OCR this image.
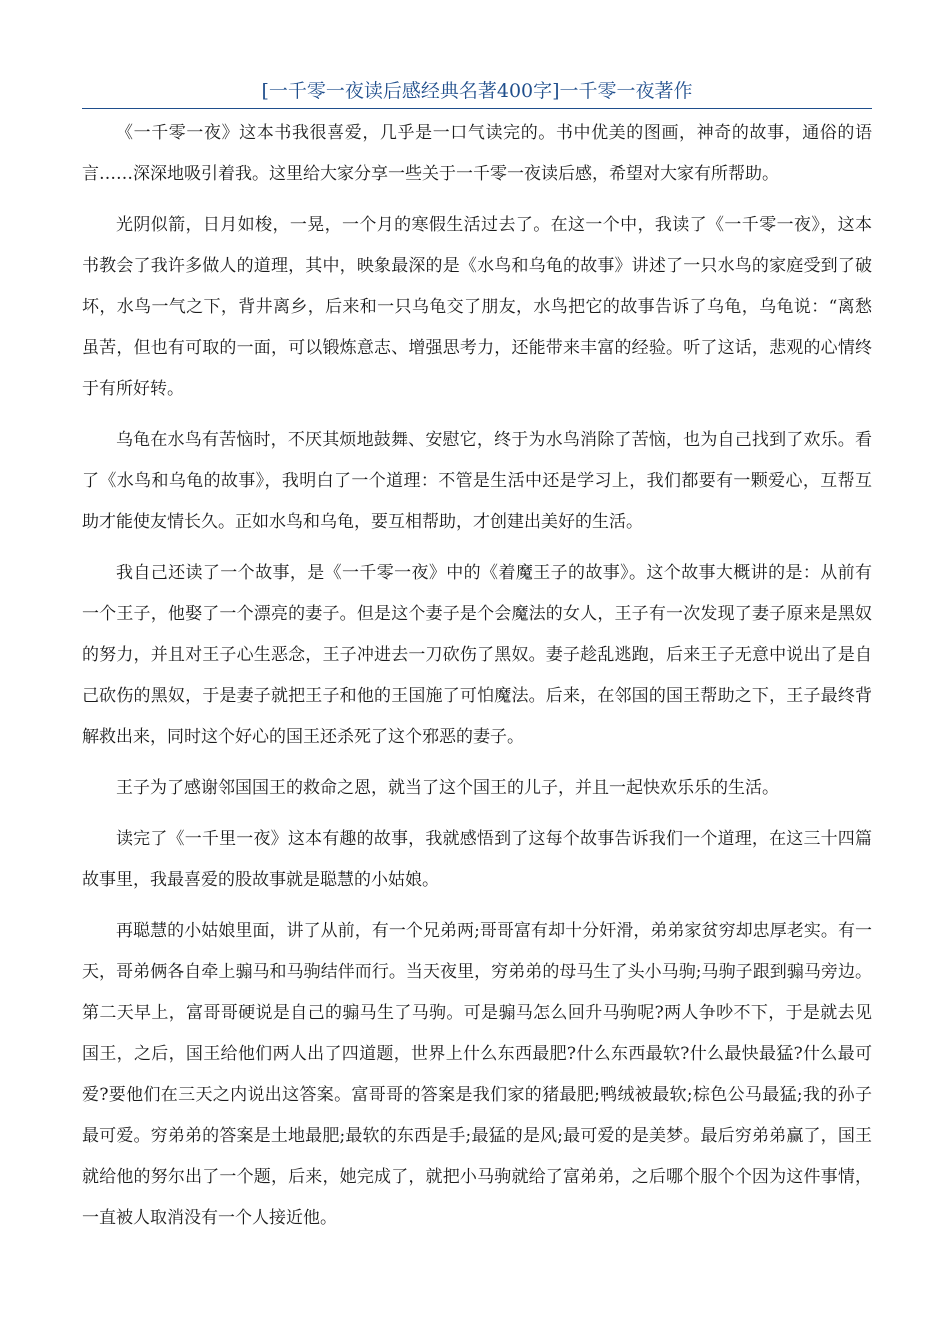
[一千零一夜读后感经典名著400字]一千零一夜著作

《一千零一夜》这本书我很喜爱，几乎是一口气读完的。书中优美的图画，神奇的故事，通俗的语言……深深地吸引着我。这里给大家分享一些关于一千零一夜读后感，希望对大家有所帮助。

光阴似箭，日月如梭，一晃，一个月的寒假生活过去了。在这一个中，我读了《一千零一夜》，这本书教会了我许多做人的道理，其中，映象最深的是《水鸟和乌龟的故事》讲述了一只水鸟的家庭受到了破坏，水鸟一气之下，背井离乡，后来和一只乌龟交了朋友，水鸟把它的故事告诉了乌龟，乌龟说：“离愁虽苦，但也有可取的一面，可以锻炼意志、增强思考力，还能带来丰富的经验。听了这话，悲观的心情终于有所好转。

乌龟在水鸟有苦恼时，不厌其烦地鼓舞、安慰它，终于为水鸟消除了苦恼，也为自己找到了欢乐。看了《水鸟和乌龟的故事》，我明白了一个道理：不管是生活中还是学习上，我们都要有一颗爱心，互帮互助才能使友情长久。正如水鸟和乌龟，要互相帮助，才创建出美好的生活。

我自己还读了一个故事，是《一千零一夜》中的《着魔王子的故事》。这个故事大概讲的是：从前有一个王子，他娶了一个漂亮的妻子。但是这个妻子是个会魔法的女人，王子有一次发现了妻子原来是黑奴的努力，并且对王子心生恶念，王子冲进去一刀砍伤了黑奴。妻子趁乱逃跑，后来王子无意中说出了是自己砍伤的黑奴，于是妻子就把王子和他的王国施了可怕魔法。后来，在邻国的国王帮助之下，王子最终背解救出来，同时这个好心的国王还杀死了这个邪恶的妻子。

王子为了感谢邻国国王的救命之恩，就当了这个国王的儿子，并且一起快欢乐乐的生活。

读完了《一千里一夜》这本有趣的故事，我就感悟到了这每个故事告诉我们一个道理，在这三十四篇故事里，我最喜爱的股故事就是聪慧的小姑娘。

再聪慧的小姑娘里面，讲了从前，有一个兄弟两;哥哥富有却十分奸滑，弟弟家贫穷却忠厚老实。有一天，哥弟俩各自牵上骟马和马驹结伴而行。当天夜里，穷弟弟的母马生了头小马驹;马驹子跟到骟马旁边。第二天早上，富哥哥硬说是自己的骟马生了马驹。可是骟马怎么回升马驹呢?两人争吵不下，于是就去见国王，之后，国王给他们两人出了四道题，世界上什么东西最肥?什么东西最软?什么最快最猛?什么最可爱?要他们在三天之内说出这答案。富哥哥的答案是我们家的猪最肥;鸭绒被最软;棕色公马最猛;我的孙子最可爱。穷弟弟的答案是土地最肥;最软的东西是手;最猛的是风;最可爱的是美梦。最后穷弟弟赢了，国王就给他的努尔出了一个题，后来，她完成了，就把小马驹就给了富弟弟，之后哪个服个个因为这件事情，一直被人取消没有一个人接近他。
